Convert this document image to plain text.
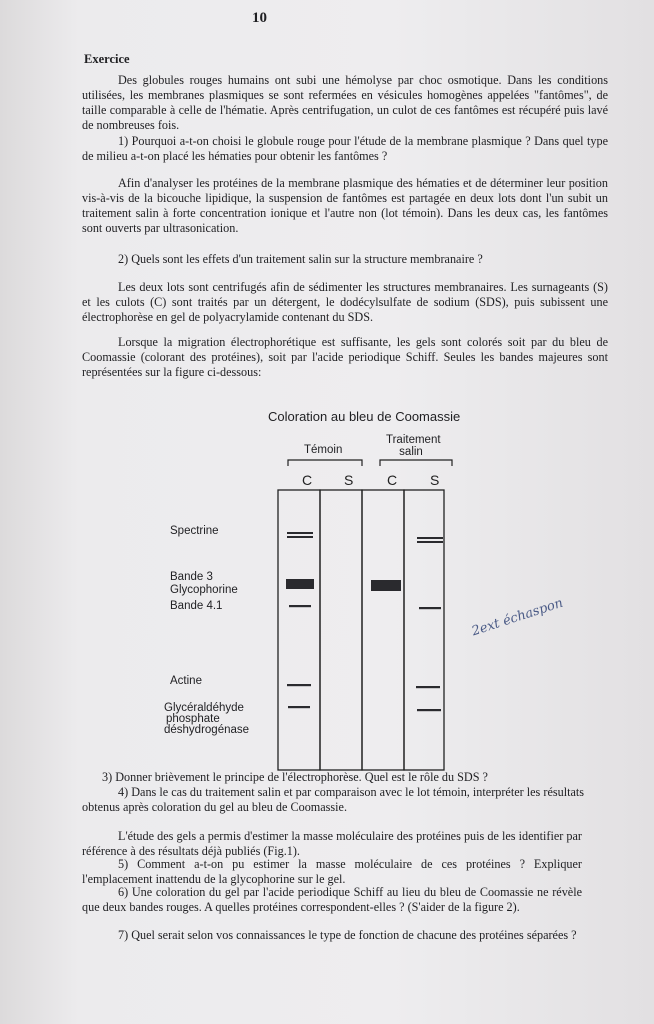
10
Exercice
Des globules rouges humains ont subi une hémolyse par choc osmotique. Dans les conditions utilisées, les membranes plasmiques se sont refermées en vésicules homogènes appelées "fantômes", de taille comparable à celle de l'hématie. Après centrifugation, un culot de ces fantômes est récupéré puis lavé de nombreuses fois.
1) Pourquoi a-t-on choisi le globule rouge pour l'étude de la membrane plasmique ? Dans quel type de milieu a-t-on placé les hématies pour obtenir les fantômes ?
Afin d'analyser les protéines de la membrane plasmique des hématies et de déterminer leur position vis-à-vis de la bicouche lipidique, la suspension de fantômes est partagée en deux lots dont l'un subit un traitement salin à forte concentration ionique et l'autre non (lot témoin). Dans les deux cas, les fantômes sont ouverts par ultrasonication.
2) Quels sont les effets d'un traitement salin sur la structure membranaire ?
Les deux lots sont centrifugés afin de sédimenter les structures membranaires. Les surnageants (S) et les culots (C) sont traités par un détergent, le dodécylsulfate de sodium (SDS), puis subissent une électrophorèse en gel de polyacrylamide contenant du SDS.
Lorsque la migration électrophorétique est suffisante, les gels sont colorés soit par du bleu de Coomassie (colorant des protéines), soit par l'acide periodique Schiff. Seules les bandes majeures sont représentées sur la figure ci-dessous:
Coloration au bleu de Coomassie
Témoin
Traitement
salin
C S C S
Spectrine
Bande 3
Glycophorine
Bande 4.1
Actine
Glycéraldéhyde
phosphate
déshydrogénase
2ext échaspon
3) Donner brièvement le principe de l'électrophorèse. Quel est le rôle du SDS ?
4) Dans le cas du traitement salin et par comparaison avec le lot témoin, interpréter les résultats obtenus après coloration du gel au bleu de Coomassie.
L'étude des gels a permis d'estimer la masse moléculaire des protéines puis de les identifier par référence à des résultats déjà publiés (Fig.1).
5) Comment a-t-on pu estimer la masse moléculaire de ces protéines ? Expliquer l'emplacement inattendu de la glycophorine sur le gel.
6) Une coloration du gel par l'acide periodique Schiff au lieu du bleu de Coomassie ne révèle que deux bandes rouges. A quelles protéines correspondent-elles ? (S'aider de la figure 2).
7) Quel serait selon vos connaissances le type de fonction de chacune des protéines séparées ?
